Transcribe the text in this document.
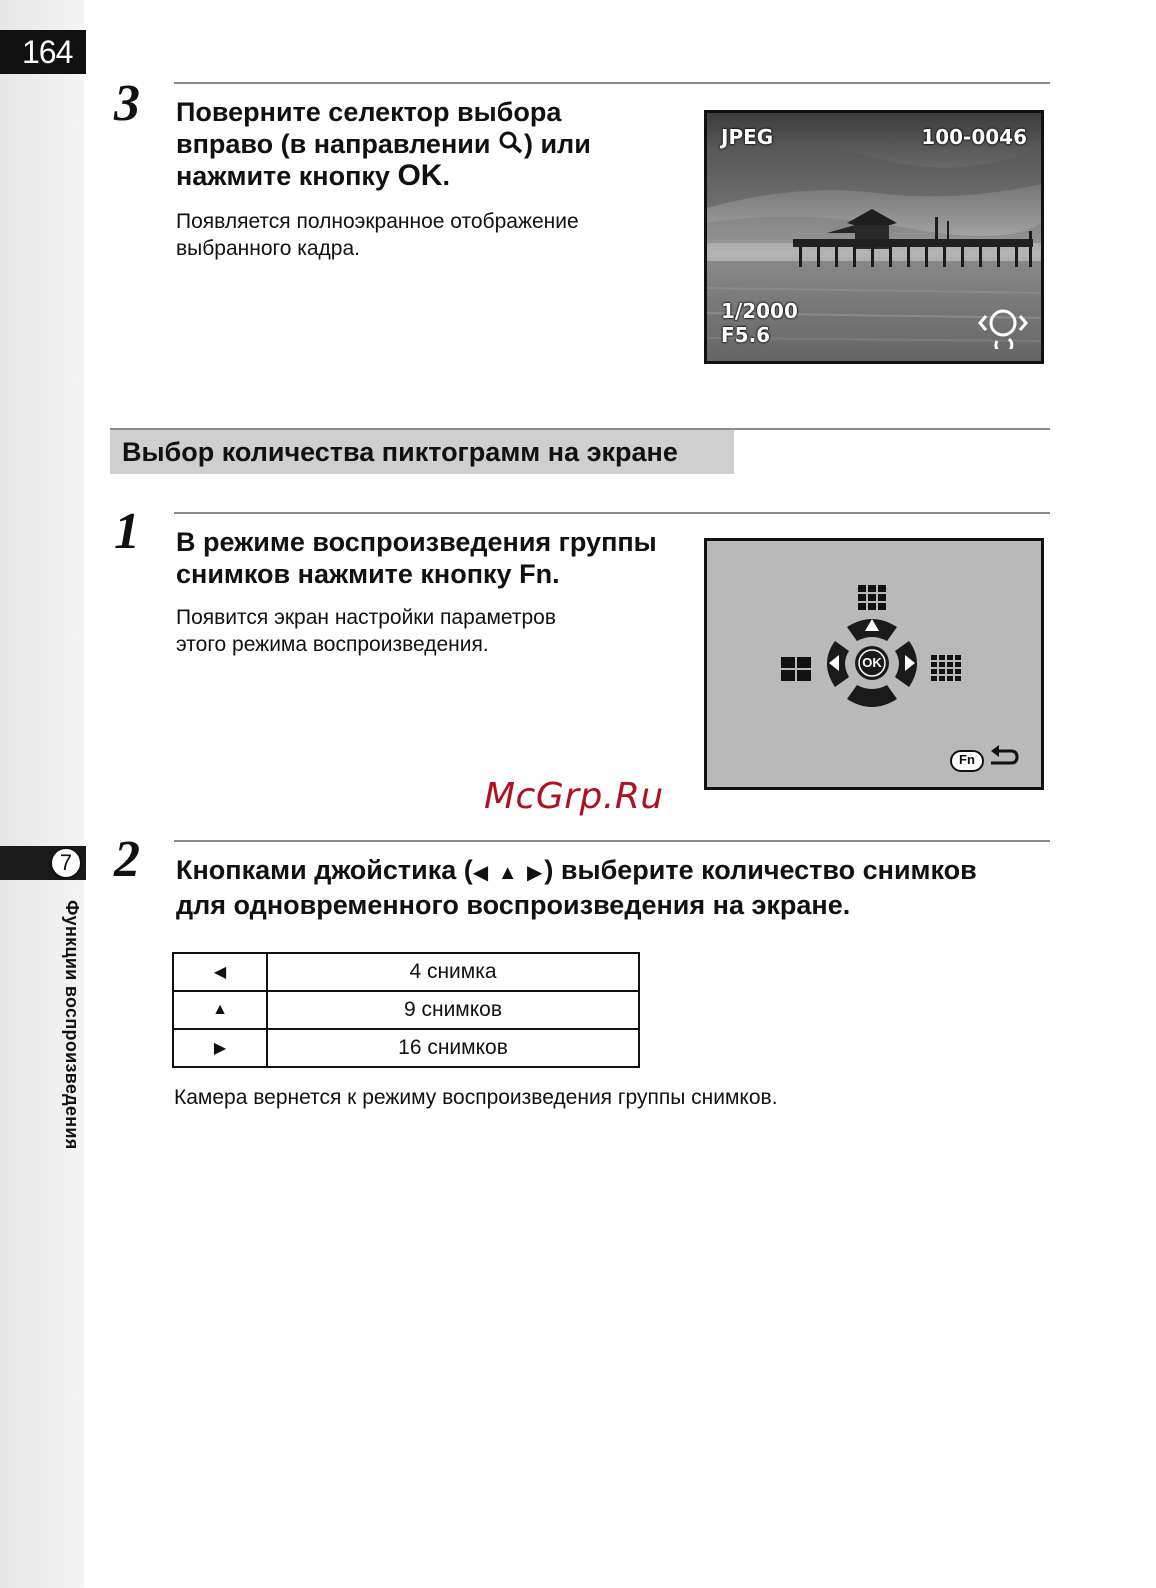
164
7
Функции воспроизведения
3 Поверните селектор выбора
вправо (в направлении ) или
нажмите кнопку OK.
Появляется полноэкранное отображение
выбранного кадра.
JPEG	100-0046
1/2000
F5.6
Выбор количества пиктограмм на экране
1 В режиме воспроизведения группы
снимков нажмите кнопку Fn.
Появится экран настройки параметров
этого режима воспроизведения.
OK
Fn
McGrp.Ru
2 Кнопками джойстика (◀ ▲ ▶) выберите количество снимков
для одновременного воспроизведения на экране.
◀	4 снимка
▲	9 снимков
▶	16 снимков
Камера вернется к режиму воспроизведения группы снимков.
